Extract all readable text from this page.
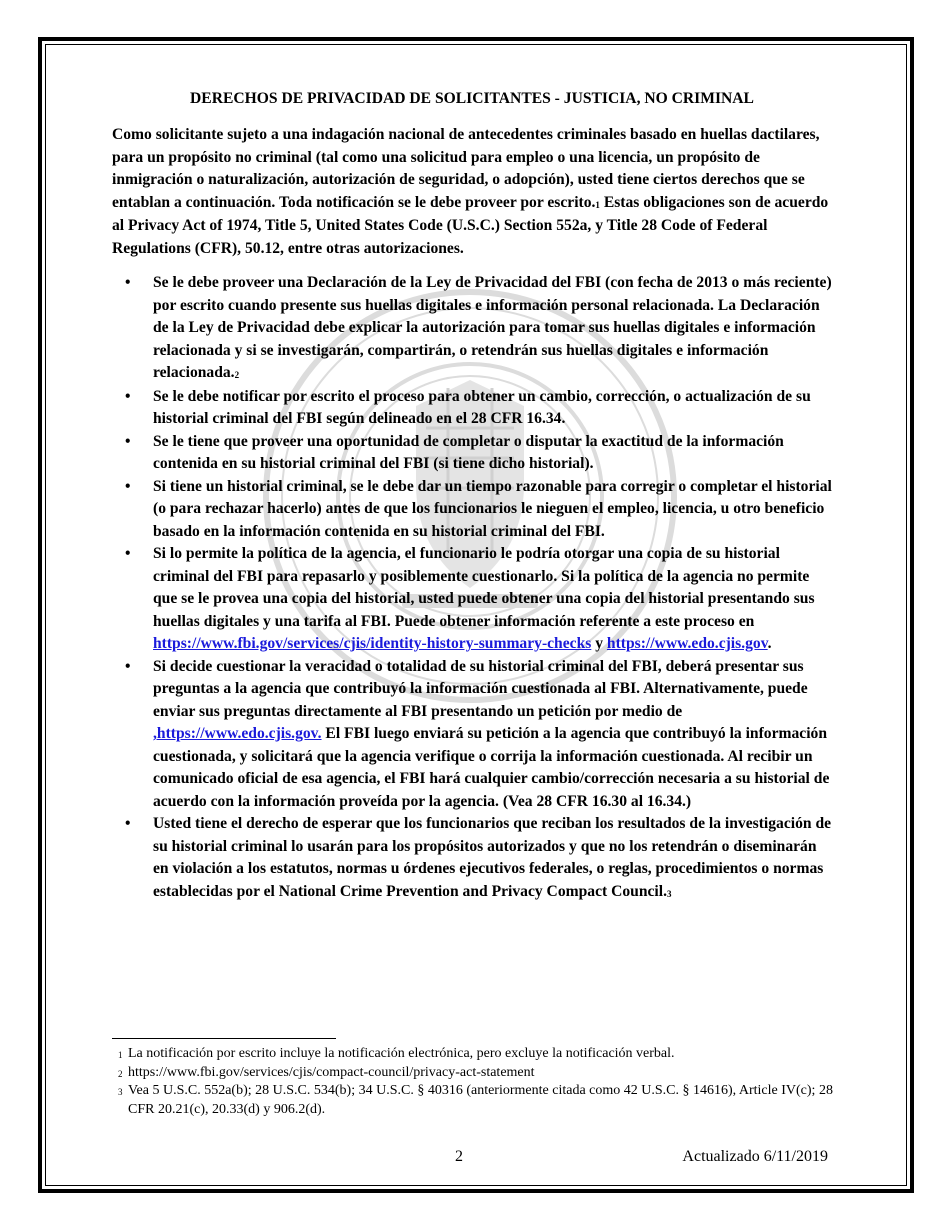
DERECHOS DE PRIVACIDAD DE SOLICITANTES - JUSTICIA, NO CRIMINAL

Como solicitante sujeto a una indagación nacional de antecedentes criminales basado en huellas dactilares, para un propósito no criminal (tal como una solicitud para empleo o una licencia, un propósito de inmigración o naturalización, autorización de seguridad, o adopción), usted tiene ciertos derechos que se entablan a continuación. Toda notificación se le debe proveer por escrito.1 Estas obligaciones son de acuerdo al Privacy Act of 1974, Title 5, United States Code (U.S.C.) Section 552a, y Title 28 Code of Federal Regulations (CFR), 50.12, entre otras autorizaciones.

• Se le debe proveer una Declaración de la Ley de Privacidad del FBI (con fecha de 2013 o más reciente) por escrito cuando presente sus huellas digitales e información personal relacionada. La Declaración de la Ley de Privacidad debe explicar la autorización para tomar sus huellas digitales e información relacionada y si se investigarán, compartirán, o retendrán sus huellas digitales e información relacionada.2
• Se le debe notificar por escrito el proceso para obtener un cambio, corrección, o actualización de su historial criminal del FBI según delineado en el 28 CFR 16.34.
• Se le tiene que proveer una oportunidad de completar o disputar la exactitud de la información contenida en su historial criminal del FBI (si tiene dicho historial).
• Si tiene un historial criminal, se le debe dar un tiempo razonable para corregir o completar el historial (o para rechazar hacerlo) antes de que los funcionarios le nieguen el empleo, licencia, u otro beneficio basado en la información contenida en su historial criminal del FBI.
• Si lo permite la política de la agencia, el funcionario le podría otorgar una copia de su historial criminal del FBI para repasarlo y posiblemente cuestionarlo. Si la política de la agencia no permite que se le provea una copia del historial, usted puede obtener una copia del historial presentando sus huellas digitales y una tarifa al FBI. Puede obtener información referente a este proceso en https://www.fbi.gov/services/cjis/identity-history-summary-checks y https://www.edo.cjis.gov.
• Si decide cuestionar la veracidad o totalidad de su historial criminal del FBI, deberá presentar sus preguntas a la agencia que contribuyó la información cuestionada al FBI. Alternativamente, puede enviar sus preguntas directamente al FBI presentando un petición por medio de ,https://www.edo.cjis.gov. El FBI luego enviará su petición a la agencia que contribuyó la información cuestionada, y solicitará que la agencia verifique o corrija la información cuestionada. Al recibir un comunicado oficial de esa agencia, el FBI hará cualquier cambio/corrección necesaria a su historial de acuerdo con la información proveída por la agencia. (Vea 28 CFR 16.30 al 16.34.)
• Usted tiene el derecho de esperar que los funcionarios que reciban los resultados de la investigación de su historial criminal lo usarán para los propósitos autorizados y que no los retendrán o diseminarán en violación a los estatutos, normas u órdenes ejecutivos federales, o reglas, procedimientos o normas establecidas por el National Crime Prevention and Privacy Compact Council.3
1 La notificación por escrito incluye la notificación electrónica, pero excluye la notificación verbal.
2 https://www.fbi.gov/services/cjis/compact-council/privacy-act-statement
3 Vea 5 U.S.C. 552a(b); 28 U.S.C. 534(b); 34 U.S.C. § 40316 (anteriormente citada como 42 U.S.C. § 14616), Article IV(c); 28 CFR 20.21(c), 20.33(d) y 906.2(d).
2	Actualizado 6/11/2019
